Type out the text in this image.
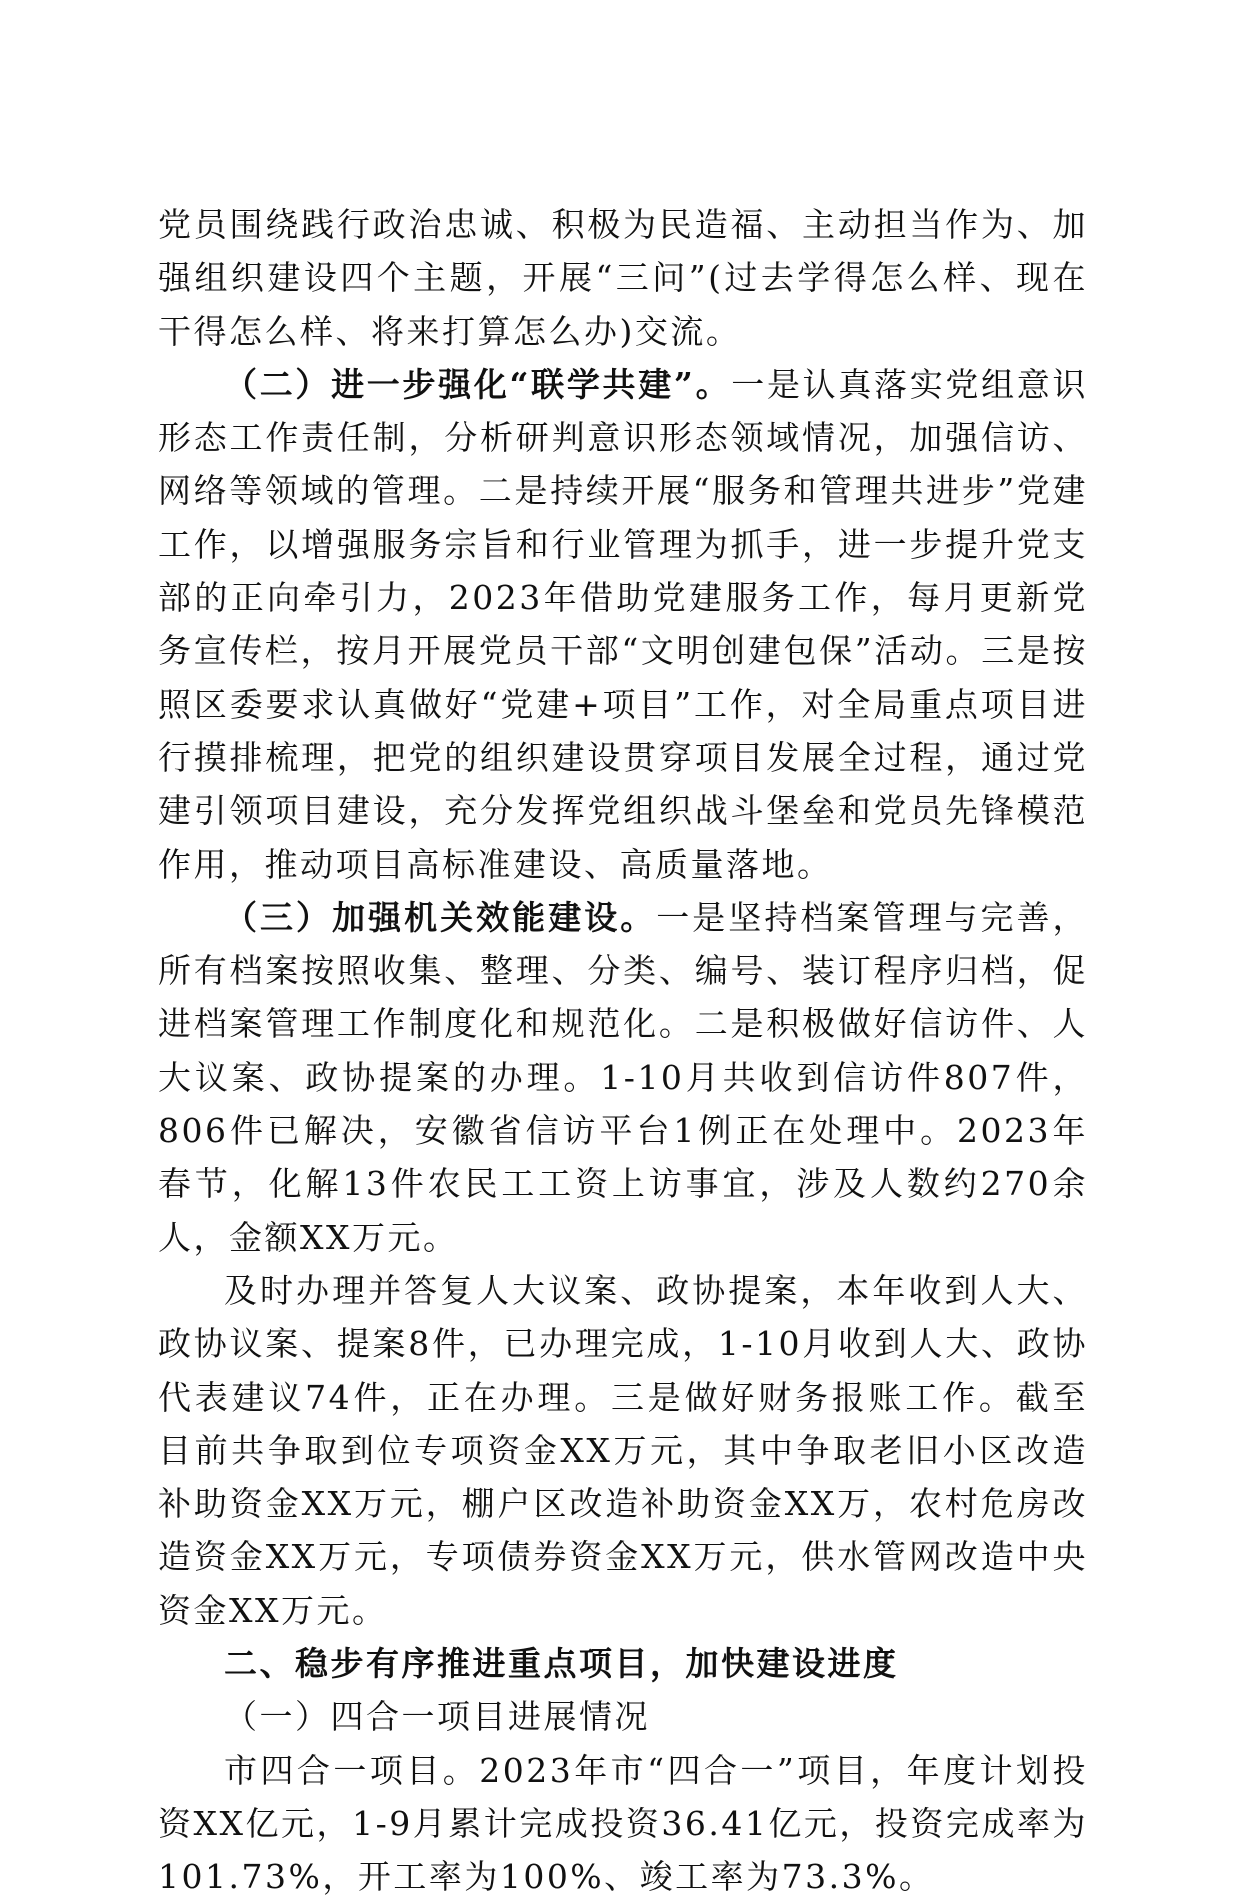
党员围绕践行政治忠诚、积极为民造福、主动担当作为、加强组织建设四个主题，开展“三问”(过去学得怎么样、现在干得怎么样、将来打算怎么办)交流。

（二）进一步强化“联学共建”。一是认真落实党组意识形态工作责任制，分析研判意识形态领域情况，加强信访、网络等领域的管理。二是持续开展“服务和管理共进步”党建工作，以增强服务宗旨和行业管理为抓手，进一步提升党支部的正向牵引力，2023年借助党建服务工作，每月更新党务宣传栏，按月开展党员干部“文明创建包保”活动。三是按照区委要求认真做好“党建+项目”工作，对全局重点项目进行摸排梳理，把党的组织建设贯穿项目发展全过程，通过党建引领项目建设，充分发挥党组织战斗堡垒和党员先锋模范作用，推动项目高标准建设、高质量落地。

（三）加强机关效能建设。一是坚持档案管理与完善，所有档案按照收集、整理、分类、编号、装订程序归档，促进档案管理工作制度化和规范化。二是积极做好信访件、人大议案、政协提案的办理。1-10月共收到信访件807件，806件已解决，安徽省信访平台1例正在处理中。2023年春节，化解13件农民工工资上访事宜，涉及人数约270余人，金额XX万元。

及时办理并答复人大议案、政协提案，本年收到人大、政协议案、提案8件，已办理完成，1-10月收到人大、政协代表建议74件，正在办理。三是做好财务报账工作。截至目前共争取到位专项资金XX万元，其中争取老旧小区改造补助资金XX万元，棚户区改造补助资金XX万，农村危房改造资金XX万元，专项债券资金XX万元，供水管网改造中央资金XX万元。

二、稳步有序推进重点项目，加快建设进度

（一）四合一项目进展情况

市四合一项目。2023年市“四合一”项目，年度计划投资XX亿元，1-9月累计完成投资36.41亿元，投资完成率为101.73%，开工率为100%、竣工率为73.3%。
